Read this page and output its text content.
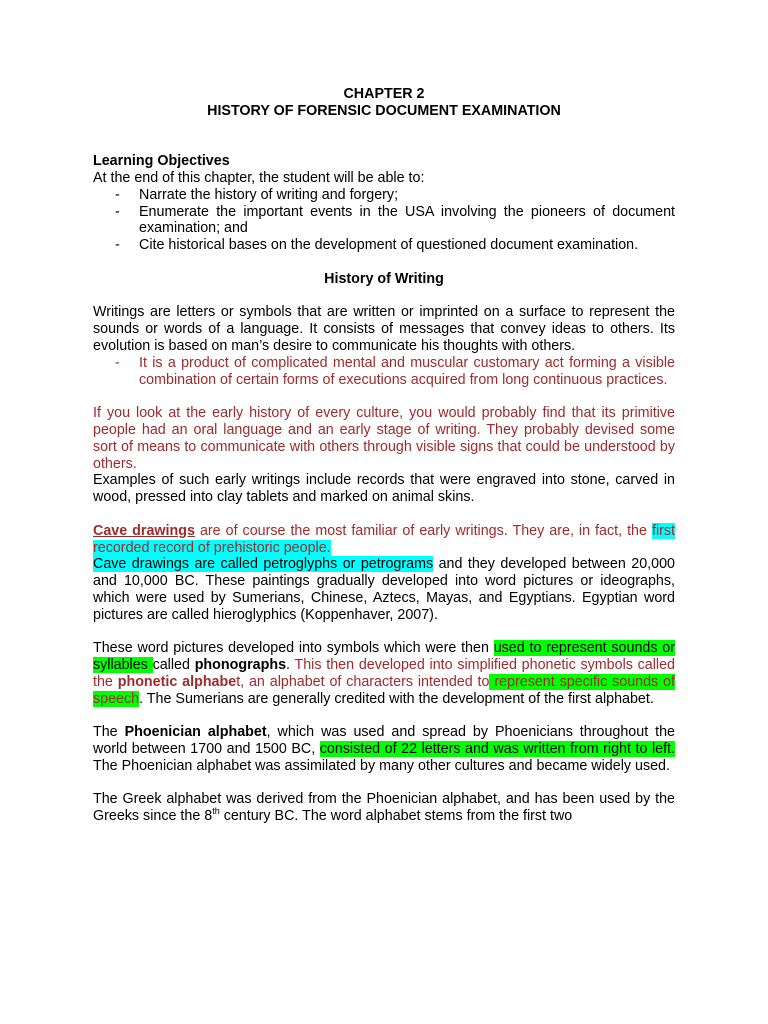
CHAPTER 2

HISTORY OF FORENSIC DOCUMENT EXAMINATION

Learning Objectives

At the end of this chapter, the student will be able to:

- Narrate the history of writing and forgery;
- Enumerate the important events in the USA involving the pioneers of document examination; and
- Cite historical bases on the development of questioned document examination.

History of Writing

Writings are letters or symbols that are written or imprinted on a surface to represent the sounds or words of a language. It consists of messages that convey ideas to others. Its evolution is based on man’s desire to communicate his thoughts with others.

- It is a product of complicated mental and muscular customary act forming a visible combination of certain forms of executions acquired from long continuous practices.

If you look at the early history of every culture, you would probably find that its primitive people had an oral language and an early stage of writing. They probably devised some sort of means to communicate with others through visible signs that could be understood by others.

Examples of such early writings include records that were engraved into stone, carved in wood, pressed into clay tablets and marked on animal skins.

Cave drawings are of course the most familiar of early writings. They are, in fact, the first recorded record of prehistoric people.
Cave drawings are called petroglyphs or petrograms and they developed between 20,000 and 10,000 BC. These paintings gradually developed into word pictures or ideographs, which were used by Sumerians, Chinese, Aztecs, Mayas, and Egyptians. Egyptian word pictures are called hieroglyphics (Koppenhaver, 2007).

These word pictures developed into symbols which were then used to represent sounds or syllables called phonographs. This then developed into simplified phonetic symbols called the phonetic alphabet, an alphabet of characters intended to represent specific sounds of speech. The Sumerians are generally credited with the development of the first alphabet.

The Phoenician alphabet, which was used and spread by Phoenicians throughout the world between 1700 and 1500 BC, consisted of 22 letters and was written from right to left. The Phoenician alphabet was assimilated by many other cultures and became widely used.

The Greek alphabet was derived from the Phoenician alphabet, and has been used by the Greeks since the 8th century BC. The word alphabet stems from the first two
